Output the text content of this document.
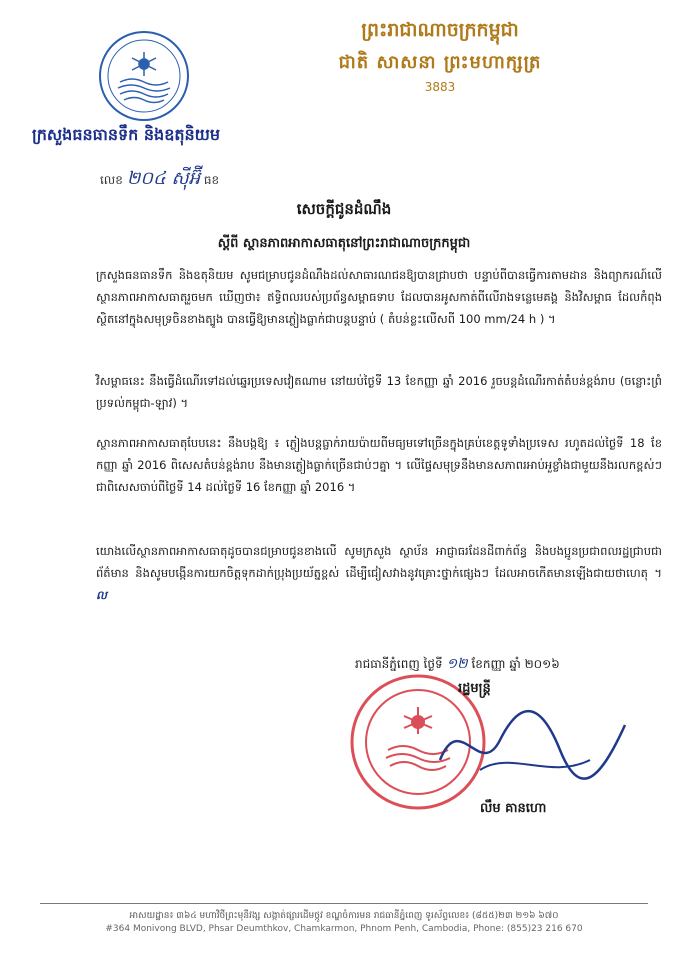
ព្រះរាជាណាចក្រកម្ពុជា
ជាតិ សាសនា ព្រះមហាក្សត្រ
3883
ក្រសួងធនធានទឹក និងឧតុនិយម
លេខ ២០៤ ស៊ីអ៊ី ធខ
សេចក្តីជូនដំណឹង
ស្តីពី ស្ថានភាពអាកាសធាតុនៅព្រះរាជាណាចក្រកម្ពុជា
ក្រសួងធនធានទឹក និងឧតុនិយម សូមជម្រាបជូនដំណឹងដល់សាធារណជនឱ្យបានជ្រាបថា បន្ទាប់ពីបានធ្វើការតាមដាន និងព្យាករណ៍លើស្ថានភាពអាកាសធាតុរួចមក ឃើញថា៖ ឥទ្ធិពលរបស់ប្រព័ន្ធសម្ពាធទាប ដែលបានអូសកាត់ពីលើរាងទន្លេមេគង្គ និងវិសម្ពាធ ដែលកំពុងស្ថិតនៅក្នុងសមុទ្រចិនខាងត្បូង បានធ្វើឱ្យមានភ្លៀងធ្លាក់ជាបន្តបន្ទាប់ ( តំបន់ខ្លះលើសពី 100 mm/24 h ) ។
វិសម្ពាធនេះ នឹងធ្វើដំណើរទៅដល់ឆ្នេរប្រទេសវៀតណាម នៅយប់ថ្ងៃទី 13 ខែកញ្ញា ឆ្នាំ 2016 រួចបន្តដំណើរកាត់តំបន់ខ្ពង់រាប (ចន្លោះព្រំប្រទល់កម្ពុជា-ឡាវ) ។
ស្ថានភាពអាកាសធាតុបែបនេះ នឹងបង្កឱ្យ ៖ ភ្លៀងបន្តធ្លាក់រាយប៉ាយពីមធ្យមទៅច្រើនក្នុងគ្រប់ខេត្តទូទាំងប្រទេស រហូតដល់ថ្ងៃទី 18 ខែកញ្ញា ឆ្នាំ 2016 ពិសេសតំបន់ខ្ពង់រាប នឹងមានភ្លៀងធ្លាក់ច្រើនជាប់ៗគ្នា ។ លើផ្ទៃសមុទ្រនឹងមានសភាពរអាប់អួខ្លាំងជាមួយនឹងរលកខ្ពស់ៗ ជាពិសេសចាប់ពីថ្ងៃទី 14 ដល់ថ្ងៃទី 16 ខែកញ្ញា ឆ្នាំ 2016 ។
យោងលើស្ថានភាពអាកាសធាតុដូចបានជម្រាបជូនខាងលើ សូមក្រសួង ស្ថាប័ន អាជ្ញាធរដែនដីពាក់ព័ន្ធ និងបងប្អូនប្រជាពលរដ្ឋជ្រាបជាព័ត៌មាន និងសូមបង្កើនការយកចិត្តទុកដាក់ប្រុងប្រយ័ត្នខ្ពស់ ដើម្បីជៀសវាងនូវគ្រោះថ្នាក់ផ្សេងៗ ដែលអាចកើតមានឡើងជាយថាហេតុ ។ ល
រាជធានីភ្នំពេញ ថ្ងៃទី ១២ ខែកញ្ញា ឆ្នាំ ២០១៦
រដ្ឋមន្ត្រី
លឹម គានហោ
អាសយដ្ឋាន៖ ៣៦៤ មហាវិថីព្រះមុនីវង្ស សង្កាត់ផ្សារដើមថ្កូវ ខណ្ឌចំការមន រាជធានីភ្នំពេញ ទូរស័ព្ទលេខ៖ (៨៥៥)២៣ ២១៦ ៦៧០
#364 Monivong BLVD, Phsar Deumthkov, Chamkarmon, Phnom Penh, Cambodia, Phone: (855)23 216 670
